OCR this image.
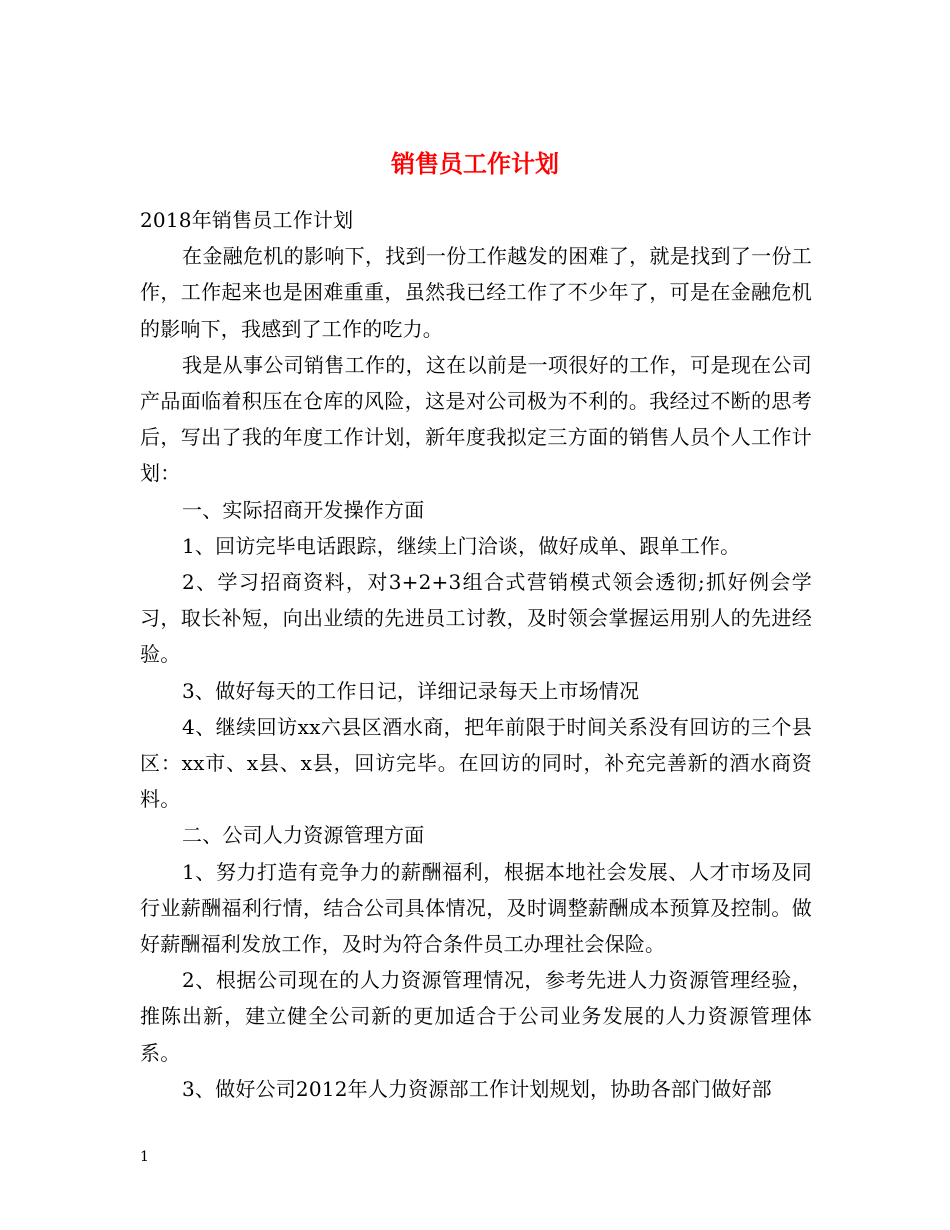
销售员工作计划

2018年销售员工作计划

在金融危机的影响下，找到一份工作越发的困难了，就是找到了一份工作，工作起来也是困难重重，虽然我已经工作了不少年了，可是在金融危机的影响下，我感到了工作的吃力。

我是从事公司销售工作的，这在以前是一项很好的工作，可是现在公司产品面临着积压在仓库的风险，这是对公司极为不利的。我经过不断的思考后，写出了我的年度工作计划，新年度我拟定三方面的销售人员个人工作计划：

一、实际招商开发操作方面

1、回访完毕电话跟踪，继续上门洽谈，做好成单、跟单工作。

2、学习招商资料，对3+2+3组合式营销模式领会透彻;抓好例会学习，取长补短，向出业绩的先进员工讨教，及时领会掌握运用别人的先进经验。

3、做好每天的工作日记，详细记录每天上市场情况

4、继续回访xx六县区酒水商，把年前限于时间关系没有回访的三个县区：xx市、x县、x县，回访完毕。在回访的同时，补充完善新的酒水商资料。

二、公司人力资源管理方面

1、努力打造有竞争力的薪酬福利，根据本地社会发展、人才市场及同行业薪酬福利行情，结合公司具体情况，及时调整薪酬成本预算及控制。做好薪酬福利发放工作，及时为符合条件员工办理社会保险。

2、根据公司现在的人力资源管理情况，参考先进人力资源管理经验，推陈出新，建立健全公司新的更加适合于公司业务发展的人力资源管理体系。

3、做好公司2012年人力资源部工作计划规划，协助各部门做好部

1
